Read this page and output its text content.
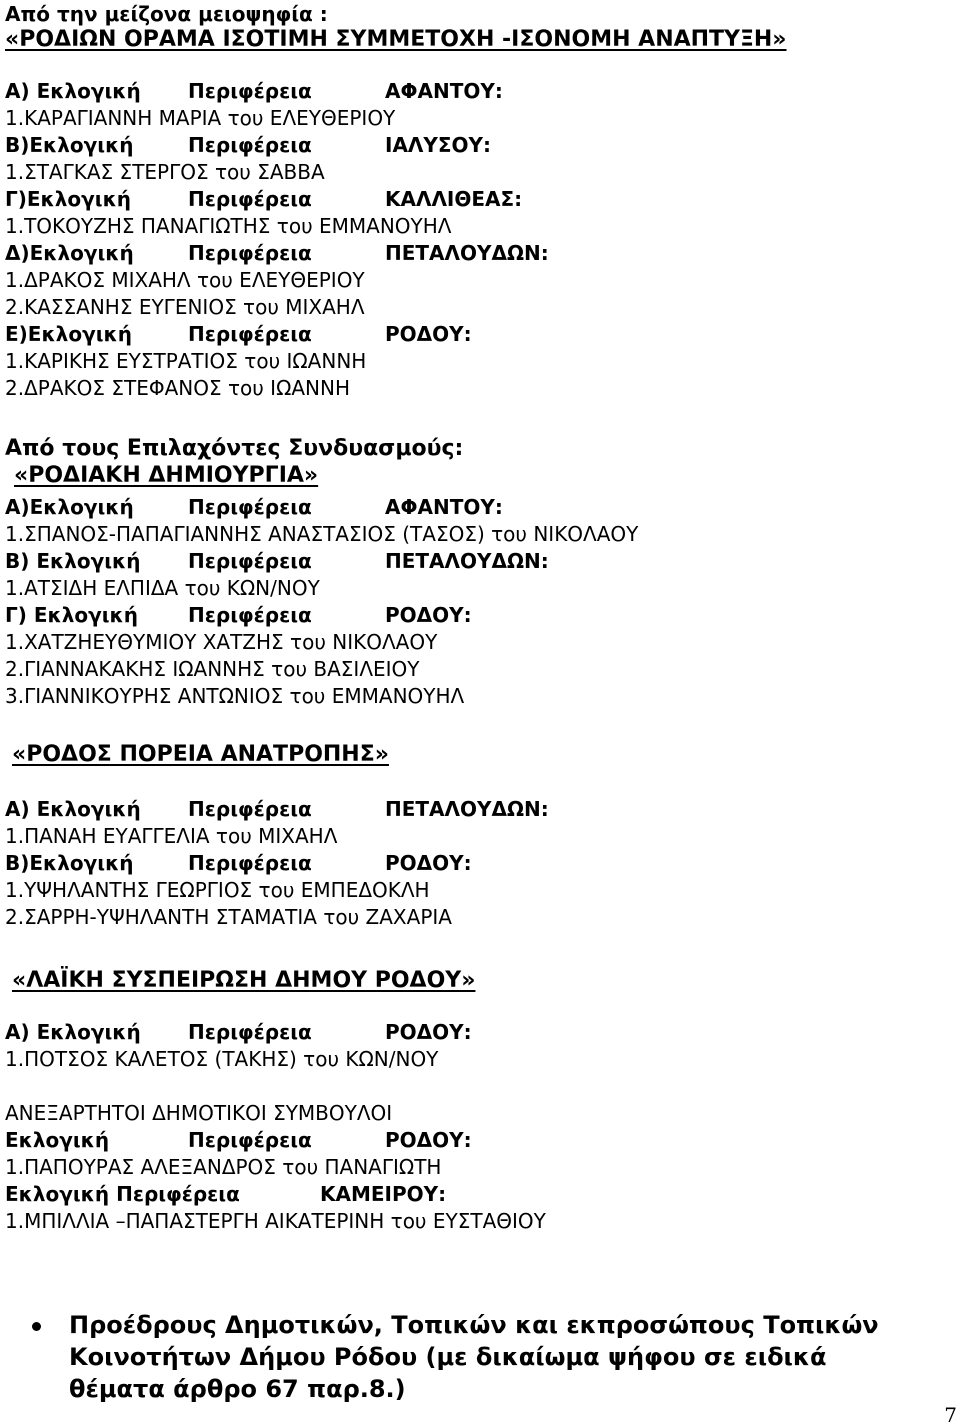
Από την μείζονα μειοψηφία :
«ΡΟΔΙΩΝ ΟΡΑΜΑ ΙΣΟΤΙΜΗ ΣΥΜΜΕΤΟΧΗ -ΙΣΟΝΟΜΗ ΑΝΑΠΤΥΞΗ»
Α) Εκλογική Περιφέρεια	ΑΦΑΝΤΟΥ:
1.ΚΑΡΑΓΙΑΝΝΗ ΜΑΡΙΑ του ΕΛΕΥΘΕΡΙΟΥ
Β)Εκλογική	Περιφέρεια	ΙΑΛΥΣΟΥ:
1.ΣΤΑΓΚΑΣ ΣΤΕΡΓΟΣ του ΣΑΒΒΑ
Γ)Εκλογική	Περιφέρεια	ΚΑΛΛΙΘΕΑΣ:
1.ΤΟΚΟΥΖΗΣ ΠΑΝΑΓΙΩΤΗΣ του ΕΜΜΑΝΟΥΗΛ
Δ)Εκλογική	Περιφέρεια	ΠΕΤΑΛΟΥΔΩΝ:
1.ΔΡΑΚΟΣ ΜΙΧΑΗΛ του ΕΛΕΥΘΕΡΙΟΥ
2.ΚΑΣΣΑΝΗΣ ΕΥΓΕΝΙΟΣ του ΜΙΧΑΗΛ
Ε)Εκλογική	Περιφέρεια	ΡΟΔΟΥ:
1.ΚΑΡΙΚΗΣ ΕΥΣΤΡΑΤΙΟΣ του ΙΩΑΝΝΗ
2.ΔΡΑΚΟΣ ΣΤΕΦΑΝΟΣ του ΙΩΑΝΝΗ
Από τους Επιλαχόντες Συνδυασμούς:
«ΡΟΔΙΑΚΗ ΔΗΜΙΟΥΡΓΙΑ»
Α)Εκλογική	Περιφέρεια	ΑΦΑΝΤΟΥ:
1.ΣΠΑΝΟΣ-ΠΑΠΑΓΙΑΝΝΗΣ ΑΝΑΣΤΑΣΙΟΣ (ΤΑΣΟΣ) του ΝΙΚΟΛΑΟΥ
Β) Εκλογική Περιφέρεια	ΠΕΤΑΛΟΥΔΩΝ:
1.ΑΤΣΙΔΗ ΕΛΠΙΔΑ του ΚΩΝ/ΝΟΥ
Γ) Εκλογική	Περιφέρεια	ΡΟΔΟΥ:
1.ΧΑΤΖΗΕΥΘΥΜΙΟΥ ΧΑΤΖΗΣ του ΝΙΚΟΛΑΟΥ
2.ΓΙΑΝΝΑΚΑΚΗΣ ΙΩΑΝΝΗΣ του ΒΑΣΙΛΕΙΟΥ
3.ΓΙΑΝΝΙΚΟΥΡΗΣ ΑΝΤΩΝΙΟΣ του ΕΜΜΑΝΟΥΗΛ
«ΡΟΔΟΣ ΠΟΡΕΙΑ ΑΝΑΤΡΟΠΗΣ»
Α) Εκλογική Περιφέρεια	ΠΕΤΑΛΟΥΔΩΝ:
1.ΠΑΝΑΗ ΕΥΑΓΓΕΛΙΑ του ΜΙΧΑΗΛ
Β)Εκλογική	Περιφέρεια	ΡΟΔΟΥ:
1.ΥΨΗΛΑΝΤΗΣ ΓΕΩΡΓΙΟΣ του ΕΜΠΕΔΟΚΛΗ
2.ΣΑΡΡΗ-ΥΨΗΛΑΝΤΗ ΣΤΑΜΑΤΙΑ του ΖΑΧΑΡΙΑ
«ΛΑΪΚΗ ΣΥΣΠΕΙΡΩΣΗ ΔΗΜΟΥ ΡΟΔΟΥ»
Α) Εκλογική Περιφέρεια	ΡΟΔΟΥ:
1.ΠΟΤΣΟΣ ΚΑΛΕΤΟΣ (ΤΑΚΗΣ) του ΚΩΝ/ΝΟΥ
ΑΝΕΞΑΡΤΗΤΟΙ ΔΗΜΟΤΙΚΟΙ ΣΥΜΒΟΥΛΟΙ
Εκλογική	Περιφέρεια	ΡΟΔΟΥ:
1.ΠΑΠΟΥΡΑΣ ΑΛΕΞΑΝΔΡΟΣ του ΠΑΝΑΓΙΩΤΗ
Εκλογική Περιφέρεια	ΚΑΜΕΙΡΟΥ:
1.ΜΠΙΛΛΙΑ –ΠΑΠΑΣΤΕΡΓΗ ΑΙΚΑΤΕΡΙΝΗ του ΕΥΣΤΑΘΙΟΥ
Προέδρους Δημοτικών, Τοπικών και εκπροσώπους Τοπικών
Κοινοτήτων Δήμου Ρόδου (με δικαίωμα ψήφου σε ειδικά
θέματα άρθρο 67 παρ.8.)
7
